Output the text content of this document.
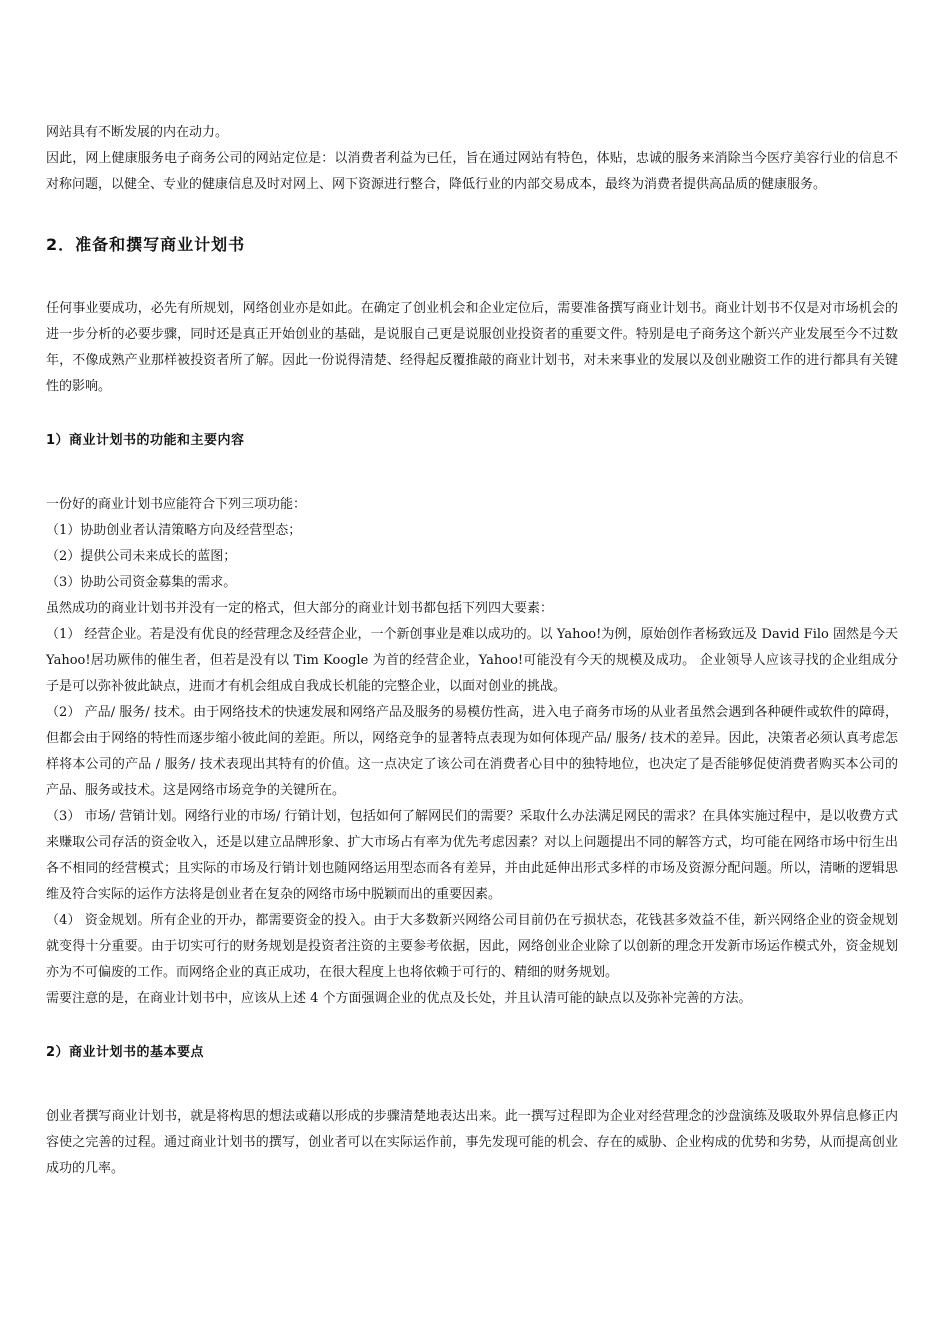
网站具有不断发展的内在动力。

因此，网上健康服务电子商务公司的网站定位是：以消费者利益为已任，旨在通过网站有特色，体贴，忠诚的服务来消除当今医疗美容行业的信息不对称问题，以健全、专业的健康信息及时对网上、网下资源进行整合，降低行业的内部交易成本，最终为消费者提供高品质的健康服务。

2．准备和撰写商业计划书

任何事业要成功，必先有所规划，网络创业亦是如此。在确定了创业机会和企业定位后，需要准备撰写商业计划书。商业计划书不仅是对市场机会的进一步分析的必要步骤，同时还是真正开始创业的基础，是说服自己更是说服创业投资者的重要文件。特别是电子商务这个新兴产业发展至今不过数年，不像成熟产业那样被投资者所了解。因此一份说得清楚、经得起反覆推敲的商业计划书，对未来事业的发展以及创业融资工作的进行都具有关键性的影响。

1）商业计划书的功能和主要内容

一份好的商业计划书应能符合下列三项功能：

（1）协助创业者认清策略方向及经营型态；

（2）提供公司未来成长的蓝图；

（3）协助公司资金募集的需求。

虽然成功的商业计划书并没有一定的格式，但大部分的商业计划书都包括下列四大要素：

（1） 经营企业。若是没有优良的经营理念及经营企业，一个新创事业是难以成功的。以 Yahoo!为例，原始创作者杨致远及 David Filo 固然是今天 Yahoo!居功厥伟的催生者，但若是没有以 Tim Koogle 为首的经营企业，Yahoo!可能没有今天的规模及成功。 企业领导人应该寻找的企业组成分子是可以弥补彼此缺点，进而才有机会组成自我成长机能的完整企业，以面对创业的挑战。

（2） 产品/ 服务/ 技术。由于网络技术的快速发展和网络产品及服务的易模仿性高，进入电子商务市场的从业者虽然会遇到各种硬件或软件的障碍，但都会由于网络的特性而逐步缩小彼此间的差距。所以，网络竞争的显著特点表现为如何体现产品/ 服务/ 技术的差异。因此，决策者必须认真考虑怎样将本公司的产品 / 服务/ 技术表现出其特有的价值。这一点决定了该公司在消费者心目中的独特地位，也决定了是否能够促使消费者购买本公司的产品、服务或技术。这是网络市场竞争的关键所在。

（3） 市场/ 营销计划。网络行业的市场/ 行销计划，包括如何了解网民们的需要？采取什么办法满足网民的需求？在具体实施过程中，是以收费方式来赚取公司存活的资金收入，还是以建立品牌形象、扩大市场占有率为优先考虑因素？对以上问题提出不同的解答方式，均可能在网络市场中衍生出各不相同的经营模式；且实际的市场及行销计划也随网络运用型态而各有差异，并由此延伸出形式多样的市场及资源分配问题。所以，清晰的逻辑思维及符合实际的运作方法将是创业者在复杂的网络市场中脱颖而出的重要因素。

（4） 资金规划。所有企业的开办，都需要资金的投入。由于大多数新兴网络公司目前仍在亏损状态，花钱甚多效益不佳，新兴网络企业的资金规划就变得十分重要。由于切实可行的财务规划是投资者注资的主要参考依据，因此，网络创业企业除了以创新的理念开发新市场运作模式外，资金规划亦为不可偏废的工作。而网络企业的真正成功，在很大程度上也将依赖于可行的、精细的财务规划。

需要注意的是，在商业计划书中，应该从上述 4 个方面强调企业的优点及长处，并且认清可能的缺点以及弥补完善的方法。

2）商业计划书的基本要点

创业者撰写商业计划书，就是将构思的想法或藉以形成的步骤清楚地表达出来。此一撰写过程即为企业对经营理念的沙盘演练及吸取外界信息修正内容使之完善的过程。通过商业计划书的撰写，创业者可以在实际运作前，事先发现可能的机会、存在的威胁、企业构成的优势和劣势，从而提高创业成功的几率。
